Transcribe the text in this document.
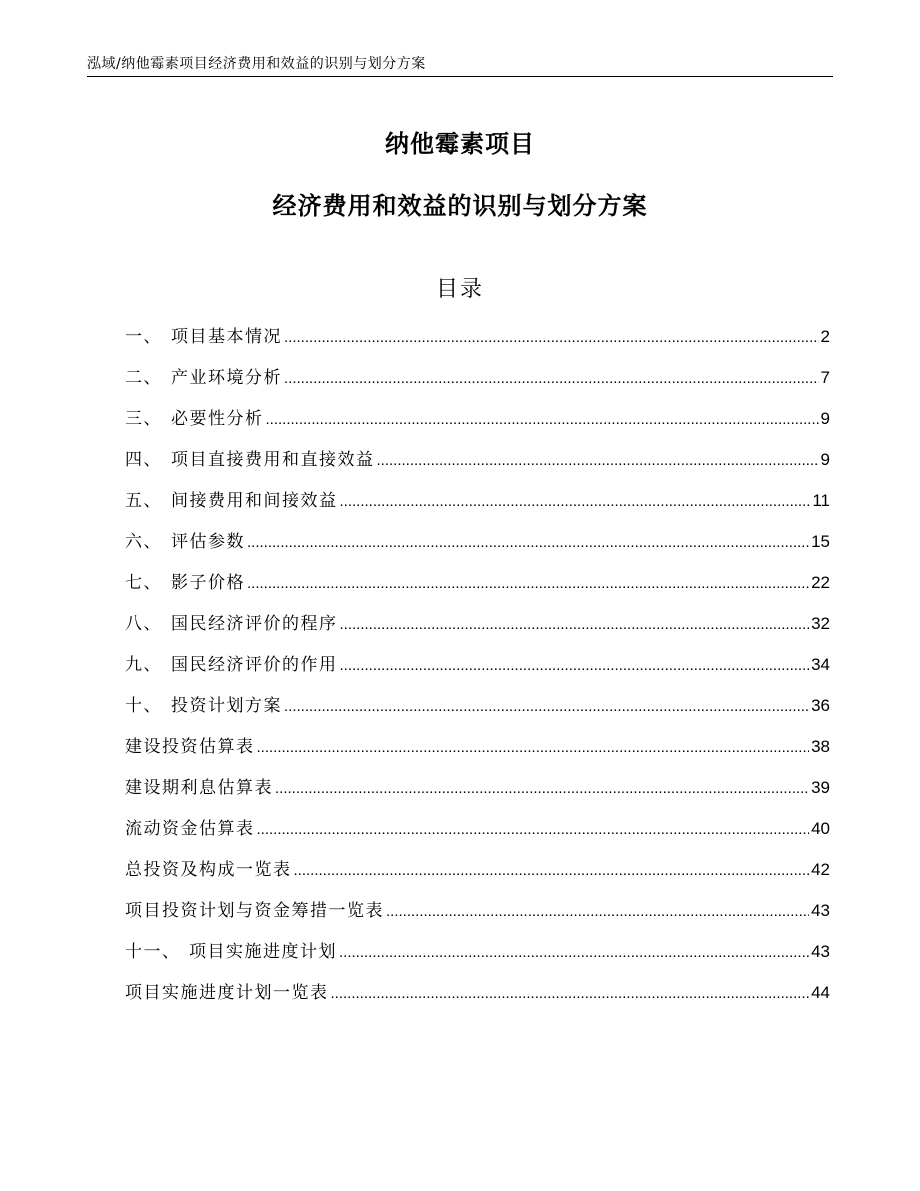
泓域/纳他霉素项目经济费用和效益的识别与划分方案
纳他霉素项目
经济费用和效益的识别与划分方案
目录
一、 项目基本情况 .....	2
二、 产业环境分析 .....	7
三、 必要性分析 .....	9
四、 项目直接费用和直接效益 .....	9
五、 间接费用和间接效益 .....	11
六、 评估参数 .....	15
七、 影子价格 .....	22
八、 国民经济评价的程序 .....	32
九、 国民经济评价的作用 .....	34
十、 投资计划方案 .....	36
建设投资估算表 .....	38
建设期利息估算表 .....	39
流动资金估算表 .....	40
总投资及构成一览表 .....	42
项目投资计划与资金筹措一览表 .....	43
十一、 项目实施进度计划 .....	43
项目实施进度计划一览表 .....	44
